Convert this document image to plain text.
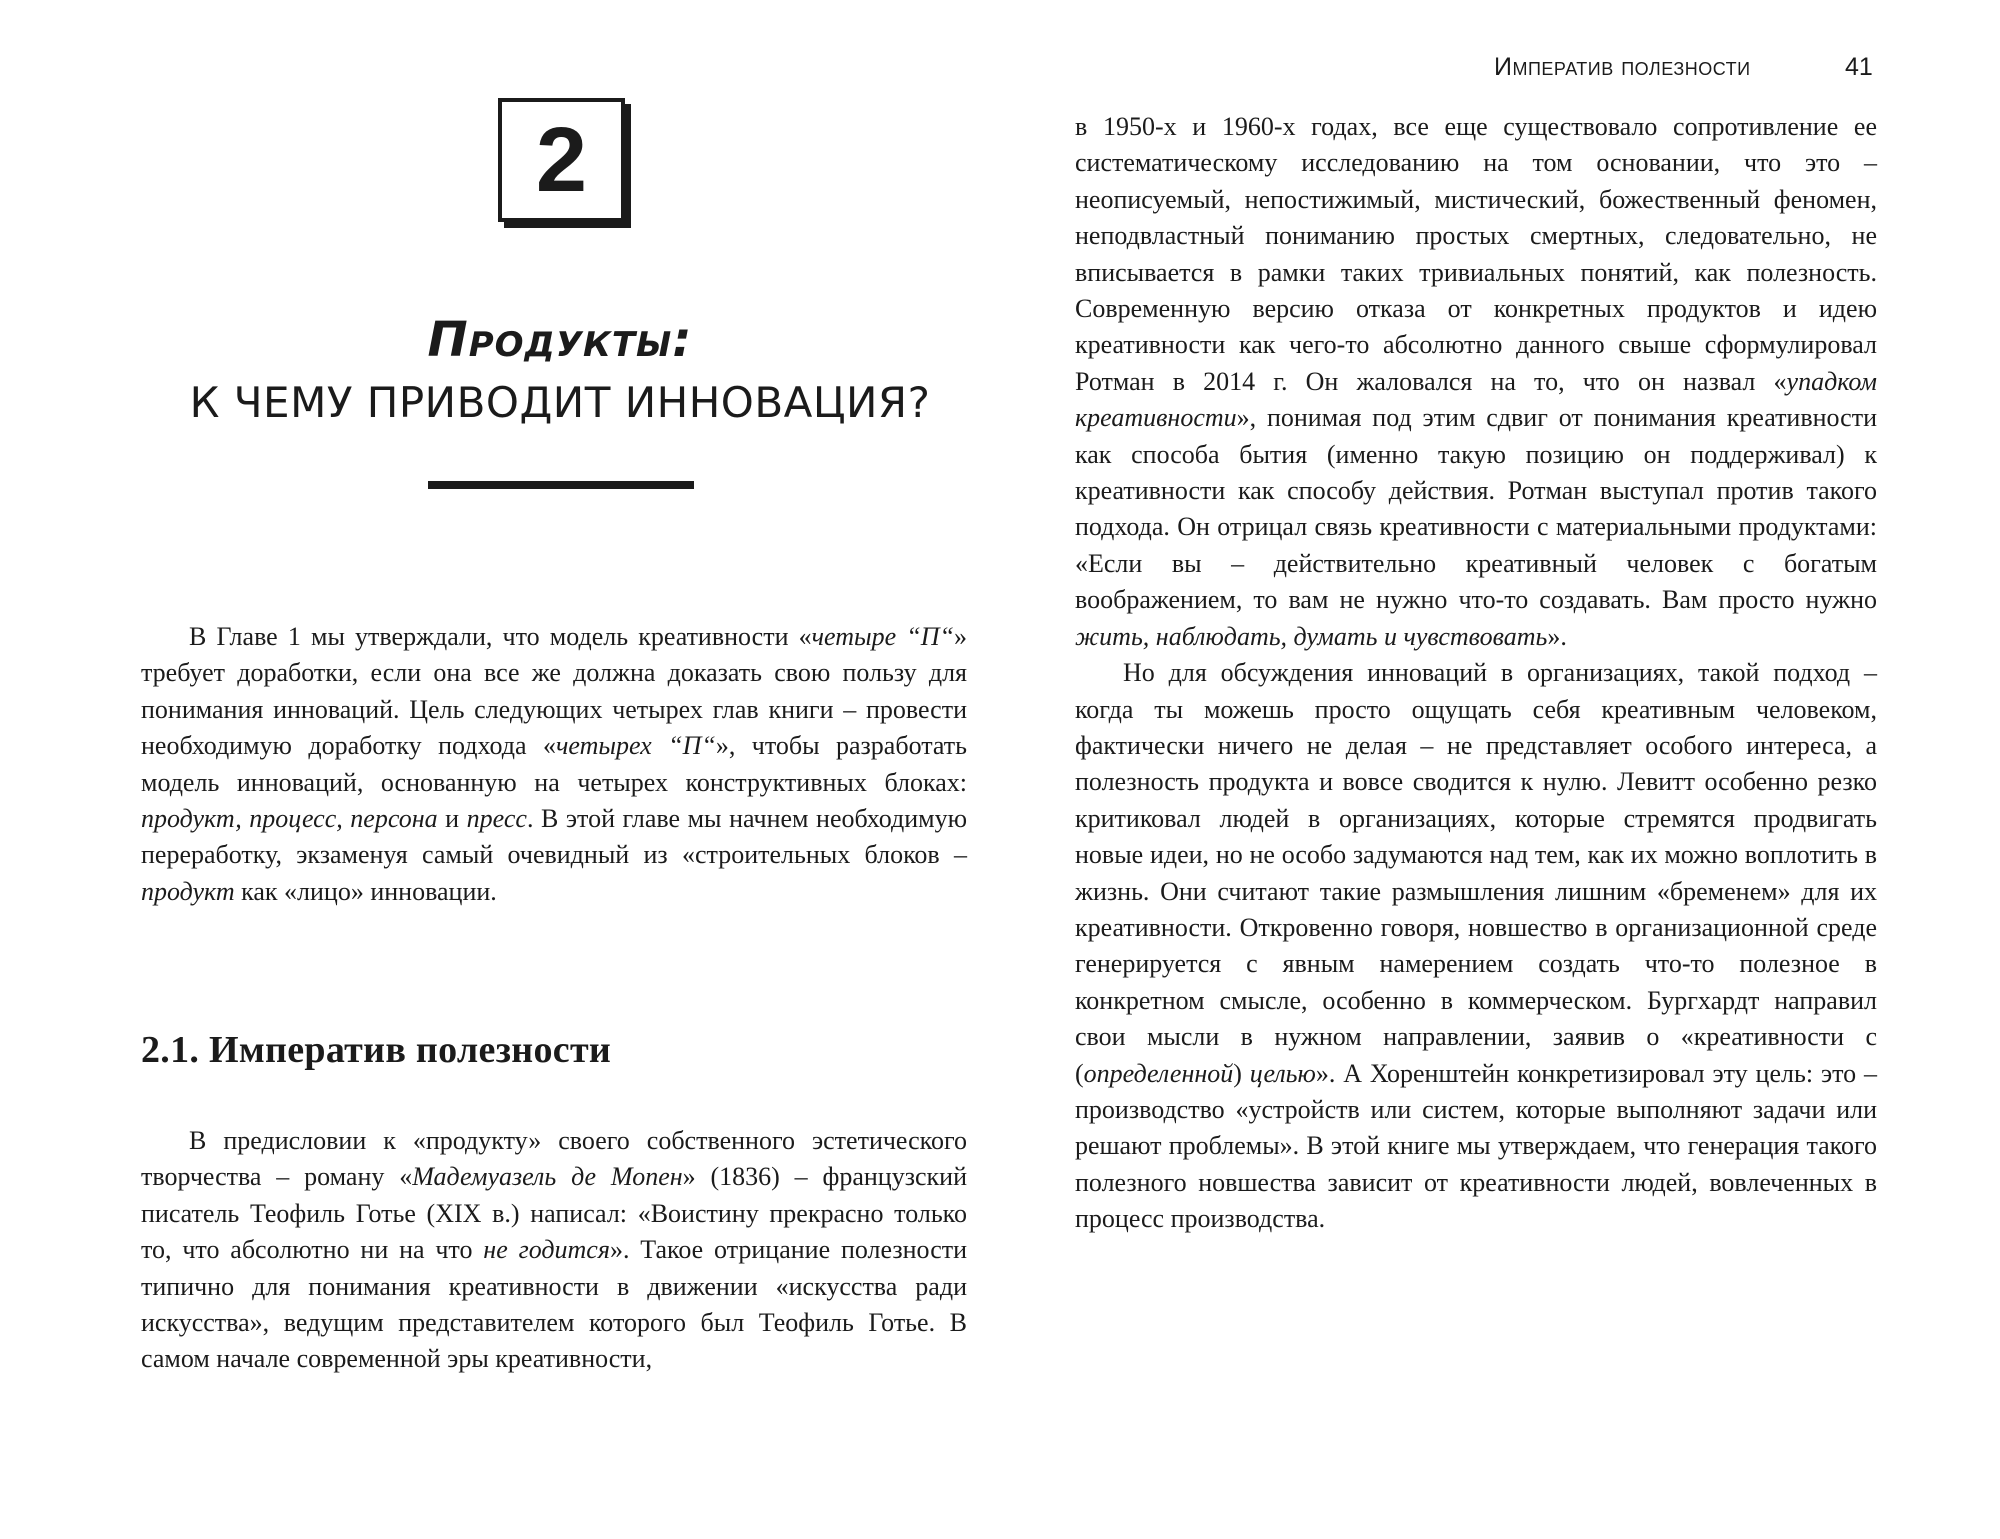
2
Продукты:
К ЧЕМУ ПРИВОДИТ ИННОВАЦИЯ?

В Главе 1 мы утверждали, что модель креативности «четыре “П“» требует доработки, если она все же должна доказать свою пользу для понимания инноваций. Цель следующих четырех глав книги – провести необходимую доработку подхода «четырех “П“», чтобы разработать модель инноваций, основанную на четырех конструктивных блоках: продукт, процесс, персона и пресс. В этой главе мы начнем необходимую переработку, экзаменуя самый очевидный из «строительных блоков – продукт как «лицо» инновации.

2.1. Императив полезности

В предисловии к «продукту» своего собственного эстетического творчества – роману «Мадемуазель де Мопен» (1836) – французский писатель Теофиль Готье (XIX в.) написал: «Воистину прекрасно только то, что абсолютно ни на что не годится». Такое отрицание полезности типично для понимания креативности в движении «искусства ради искусства», ведущим представителем которого был Теофиль Готье. В самом начале современной эры креативности,

Императив полезности	41

в 1950-х и 1960-х годах, все еще существовало сопротивление ее систематическому исследованию на том основании, что это – неописуемый, непостижимый, мистический, божественный феномен, неподвластный пониманию простых смертных, следовательно, не вписывается в рамки таких тривиальных понятий, как полезность. Современную версию отказа от конкретных продуктов и идею креативности как чего-то абсолютно данного свыше сформулировал Ротман в 2014 г. Он жаловался на то, что он назвал «упадком креативности», понимая под этим сдвиг от понимания креативности как способа бытия (именно такую позицию он поддерживал) к креативности как способу действия. Ротман выступал против такого подхода. Он отрицал связь креативности с материальными продуктами: «Если вы – действительно креативный человек с богатым воображением, то вам не нужно что-то создавать. Вам просто нужно жить, наблюдать, думать и чувствовать».

Но для обсуждения инноваций в организациях, такой подход – когда ты можешь просто ощущать себя креативным человеком, фактически ничего не делая – не представляет особого интереса, а полезность продукта и вовсе сводится к нулю. Левитт особенно резко критиковал людей в организациях, которые стремятся продвигать новые идеи, но не особо задумаются над тем, как их можно воплотить в жизнь. Они считают такие размышления лишним «бременем» для их креативности. Откровенно говоря, новшество в организационной среде генерируется с явным намерением создать что-то полезное в конкретном смысле, особенно в коммерческом. Бургхардт направил свои мысли в нужном направлении, заявив о «креативности с (определенной) целью». А Хоренштейн конкретизировал эту цель: это – производство «устройств или систем, которые выполняют задачи или решают проблемы». В этой книге мы утверждаем, что генерация такого полезного новшества зависит от креативности людей, вовлеченных в процесс производства.
